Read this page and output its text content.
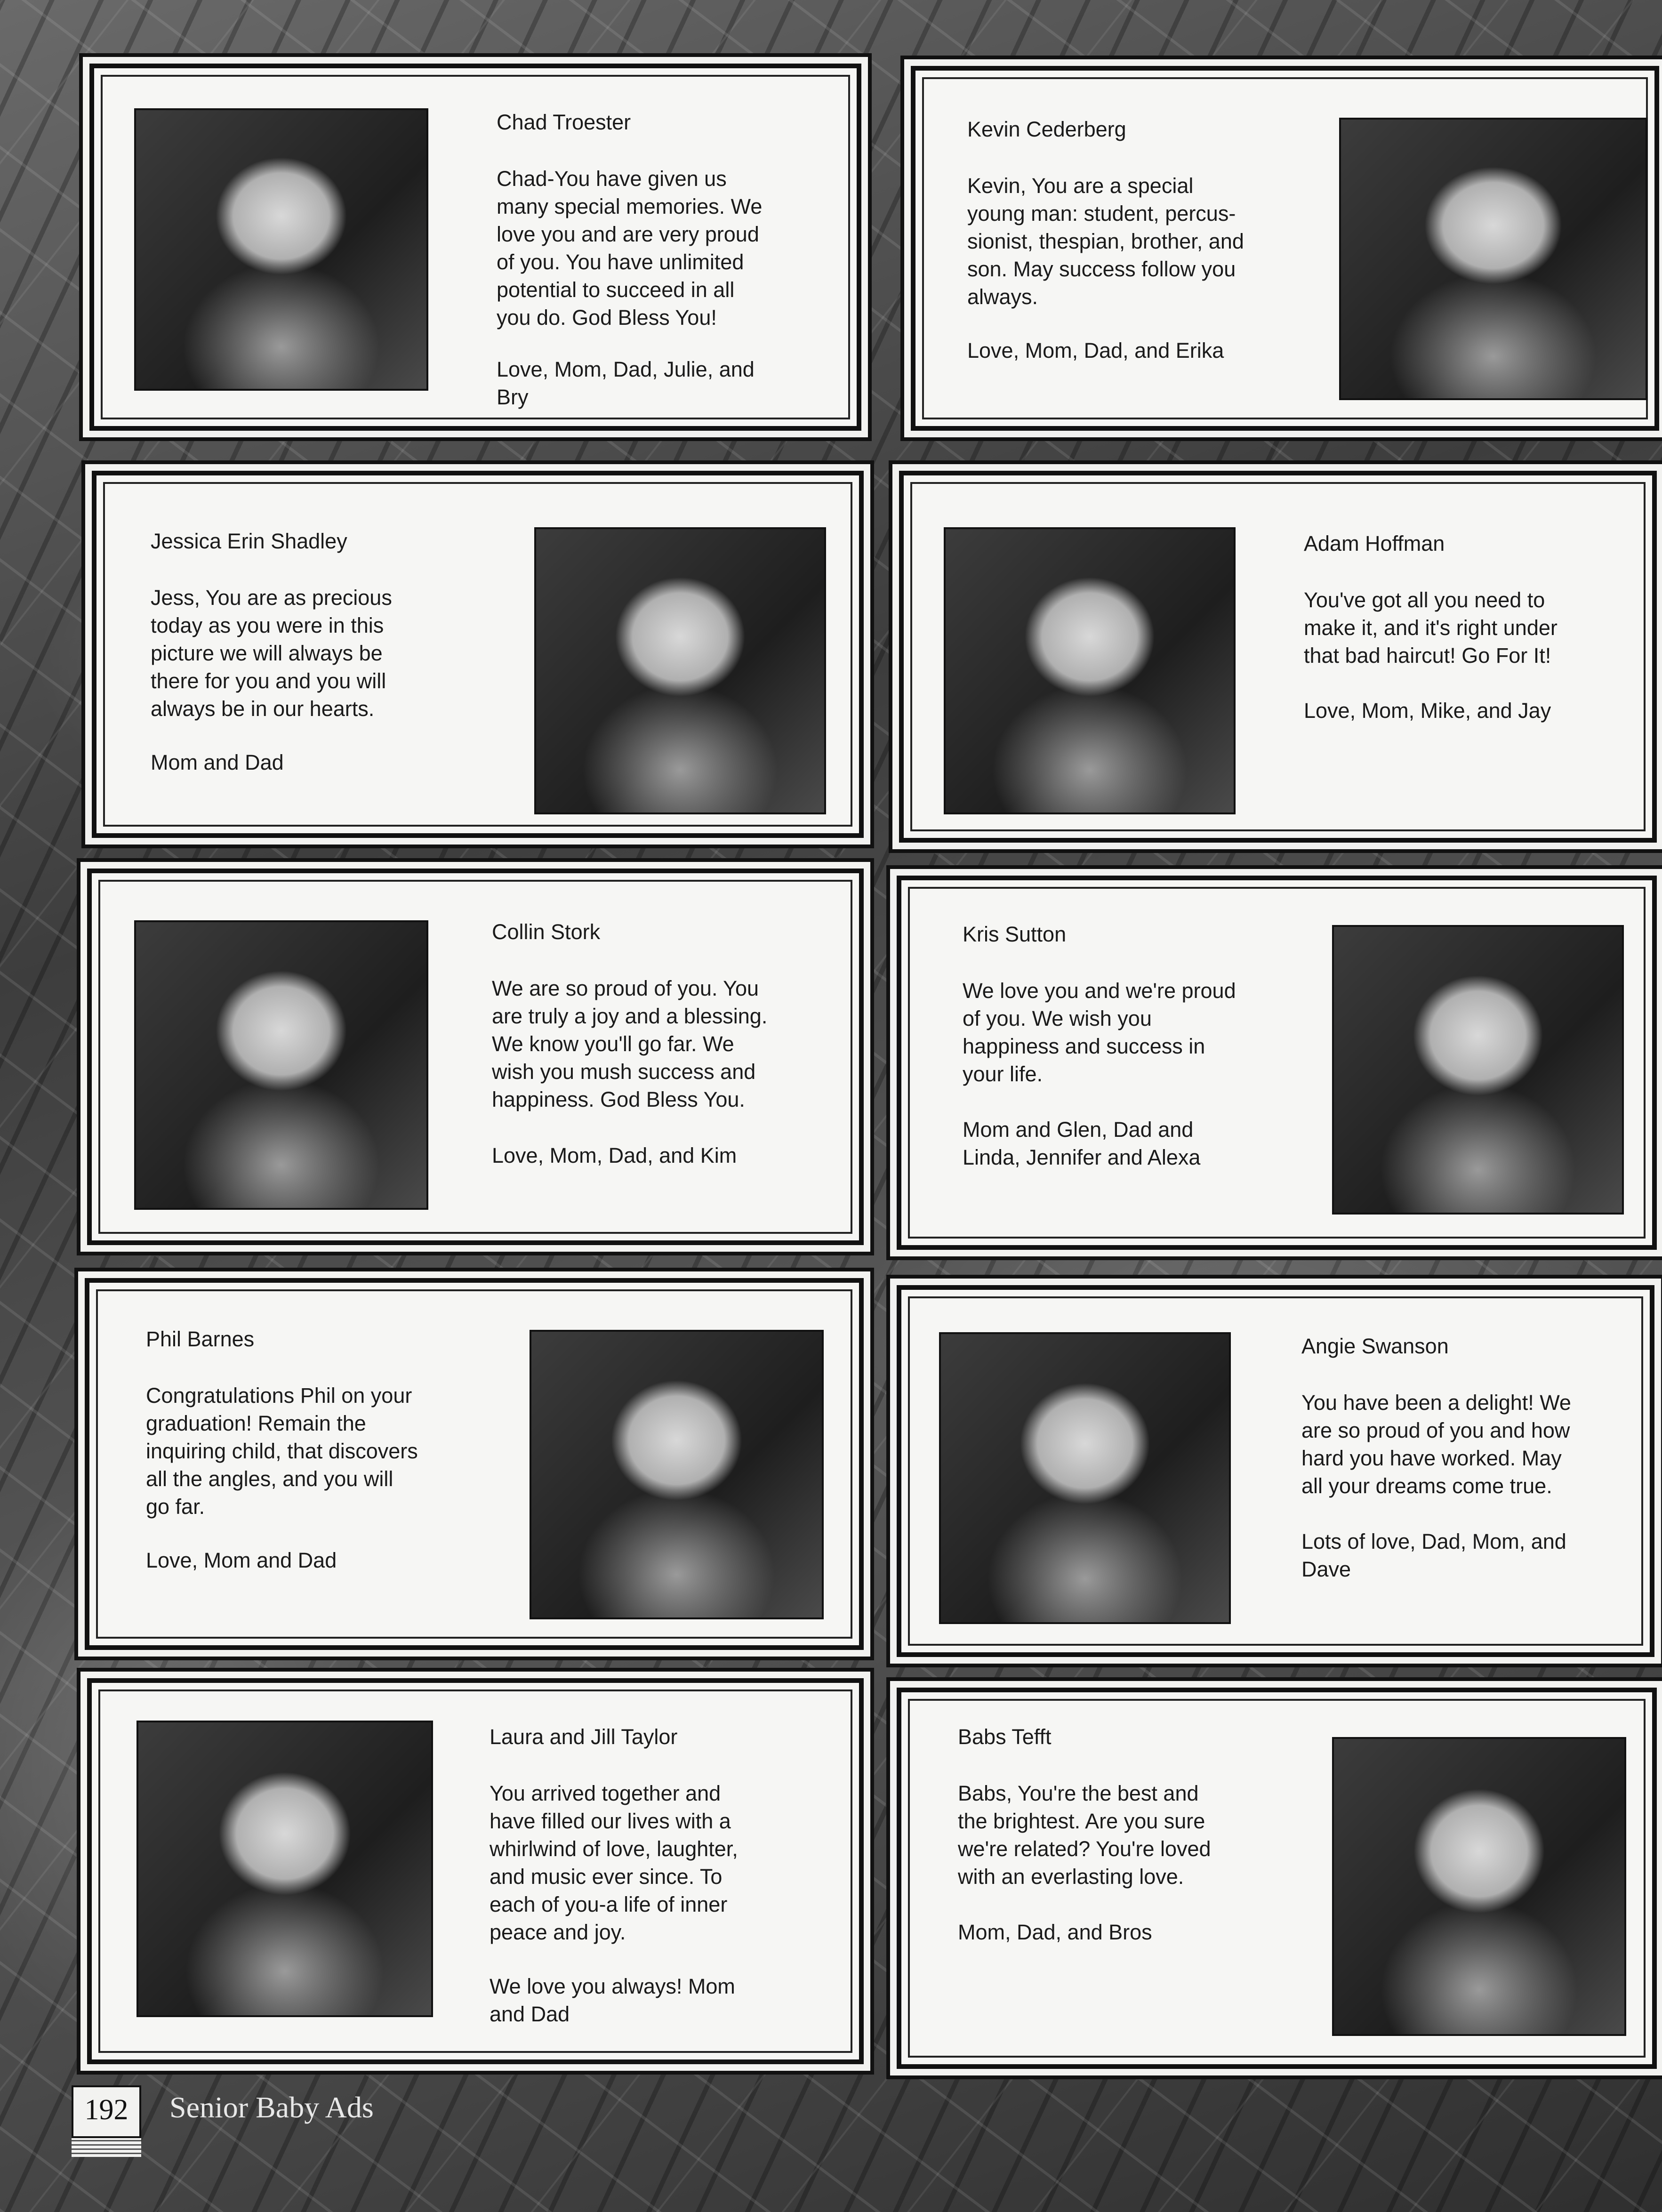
Chad Troester
Chad-You have given us
many special memories. We
love you and are very proud
of you. You have unlimited
potential to succeed in all
you do. God Bless You!
Love, Mom, Dad, Julie, and
Bry
Kevin Cederberg
Kevin, You are a special
young man: student, percus-
sionist, thespian, brother, and
son. May success follow you
always.
Love, Mom, Dad, and Erika
Jessica Erin Shadley
Jess, You are as precious
today as you were in this
picture we will always be
there for you and you will
always be in our hearts.
Mom and Dad
Adam Hoffman
You've got all you need to
make it, and it's right under
that bad haircut! Go For It!
Love, Mom, Mike, and Jay
Collin Stork
We are so proud of you. You
are truly a joy and a blessing.
We know you'll go far. We
wish you mush success and
happiness. God Bless You.
Love, Mom, Dad, and Kim
Kris Sutton
We love you and we're proud
of you. We wish you
happiness and success in
your life.
Mom and Glen, Dad and
Linda, Jennifer and Alexa
Phil Barnes
Congratulations Phil on your
graduation! Remain the
inquiring child, that discovers
all the angles, and you will
go far.
Love, Mom and Dad
Angie Swanson
You have been a delight! We
are so proud of you and how
hard you have worked. May
all your dreams come true.
Lots of love, Dad, Mom, and
Dave
Laura and Jill Taylor
You arrived together and
have filled our lives with a
whirlwind of love, laughter,
and music ever since. To
each of you-a life of inner
peace and joy.
We love you always! Mom
and Dad
Babs Tefft
Babs, You're the best and
the brightest. Are you sure
we're related? You're loved
with an everlasting love.
Mom, Dad, and Bros
192	Senior Baby Ads
